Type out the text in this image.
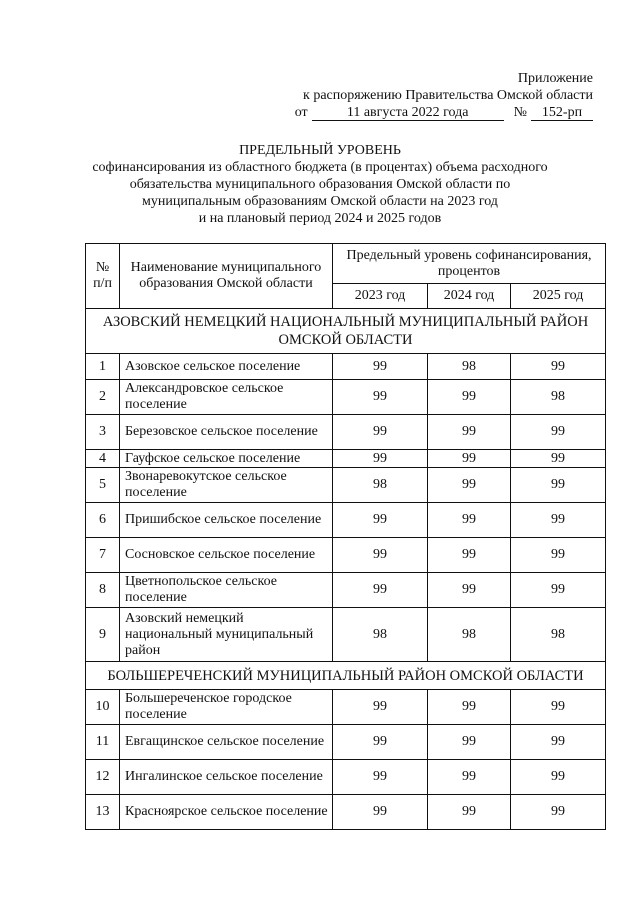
Приложение
к распоряжению Правительства Омской области
от	11 августа 2022 года	№	152-рп
ПРЕДЕЛЬНЫЙ УРОВЕНЬ
софинансирования из областного бюджета (в процентах) объема расходного
обязательства муниципального образования Омской области по
муниципальным образованиям Омской области на 2023 год
и на плановый период 2024 и 2025 годов
№ п/п	Наименование муниципального образования Омской области	Предельный уровень софинансирования, процентов		
		2023 год	2024 год	2025 год
АЗОВСКИЙ НЕМЕЦКИЙ НАЦИОНАЛЬНЫЙ МУНИЦИПАЛЬНЫЙ РАЙОН ОМСКОЙ ОБЛАСТИ				
1	Азовское сельское поселение	99	98	99
2	Александровское сельское поселение	99	99	98
3	Березовское сельское поселение	99	99	99
4	Гауфское сельское поселение	99	99	99
5	Звонаревокутское сельское поселение	98	99	99
6	Пришибское сельское поселение	99	99	99
7	Сосновское сельское поселение	99	99	99
8	Цветнопольское сельское поселение	99	99	99
9	Азовский немецкий национальный муниципальный район	98	98	98
БОЛЬШЕРЕЧЕНСКИЙ МУНИЦИПАЛЬНЫЙ РАЙОН ОМСКОЙ ОБЛАСТИ				
10	Большереченское городское поселение	99	99	99
11	Евгащинское сельское поселение	99	99	99
12	Ингалинское сельское поселение	99	99	99
13	Красноярское сельское поселение	99	99	99
